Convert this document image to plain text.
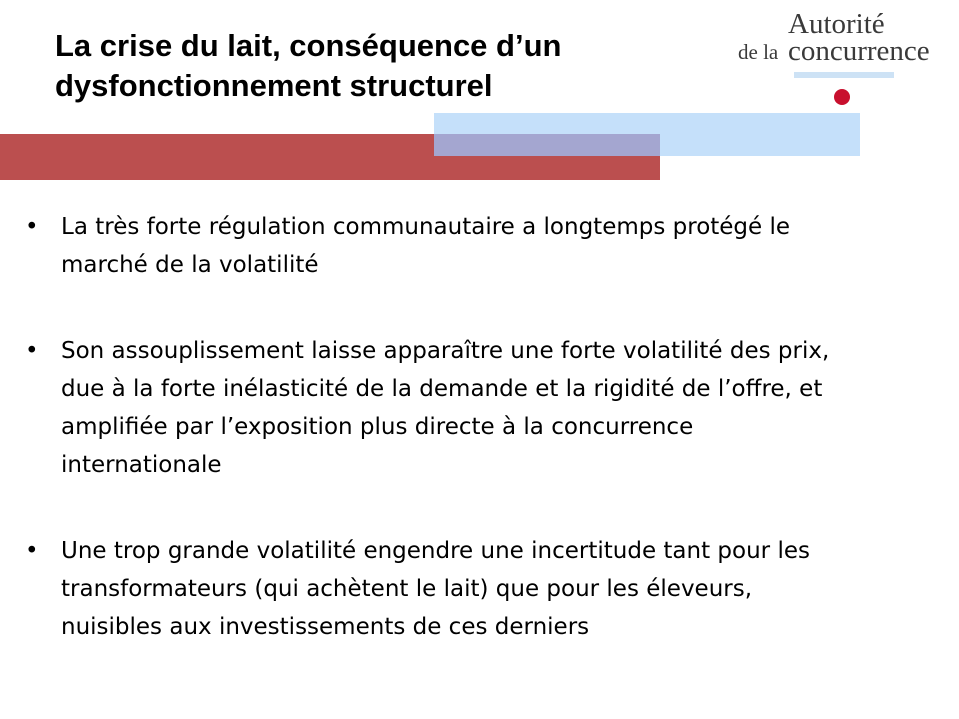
La crise du lait, conséquence d’un
dysfonctionnement structurel
Autorité
de la concurrence
• La très forte régulation communautaire a longtemps protégé le
marché de la volatilité
• Son assouplissement laisse apparaître une forte volatilité des prix,
due à la forte inélasticité de la demande et la rigidité de l’offre, et
amplifiée par l’exposition plus directe à la concurrence
internationale
• Une trop grande volatilité engendre une incertitude tant pour les
transformateurs (qui achètent le lait) que pour les éleveurs,
nuisibles aux investissements de ces derniers
